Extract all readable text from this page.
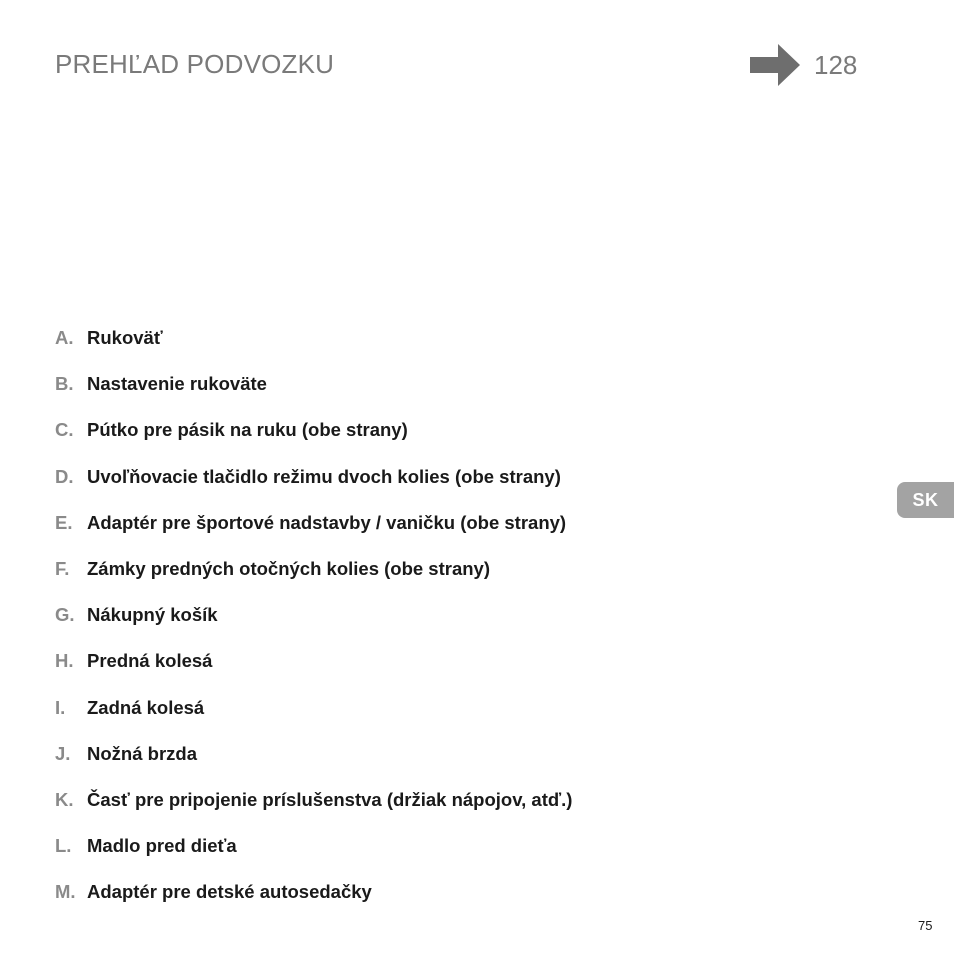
PREHĽAD PODVOZKU	128
A. Rukoväť
B. Nastavenie rukoväte
C. Pútko pre pásik na ruku (obe strany)
D. Uvoľňovacie tlačidlo režimu dvoch kolies (obe strany)
E. Adaptér pre športové nadstavby / vaničku (obe strany)
F. Zámky predných otočných kolies (obe strany)
G. Nákupný košík
H. Predná kolesá
I.	Zadná kolesá
J. Nožná brzda
K. Časť pre pripojenie príslušenstva (držiak nápojov, atď.)
L. Madlo pred dieťa
M. Adaptér pre detské autosedačky
SK
75
